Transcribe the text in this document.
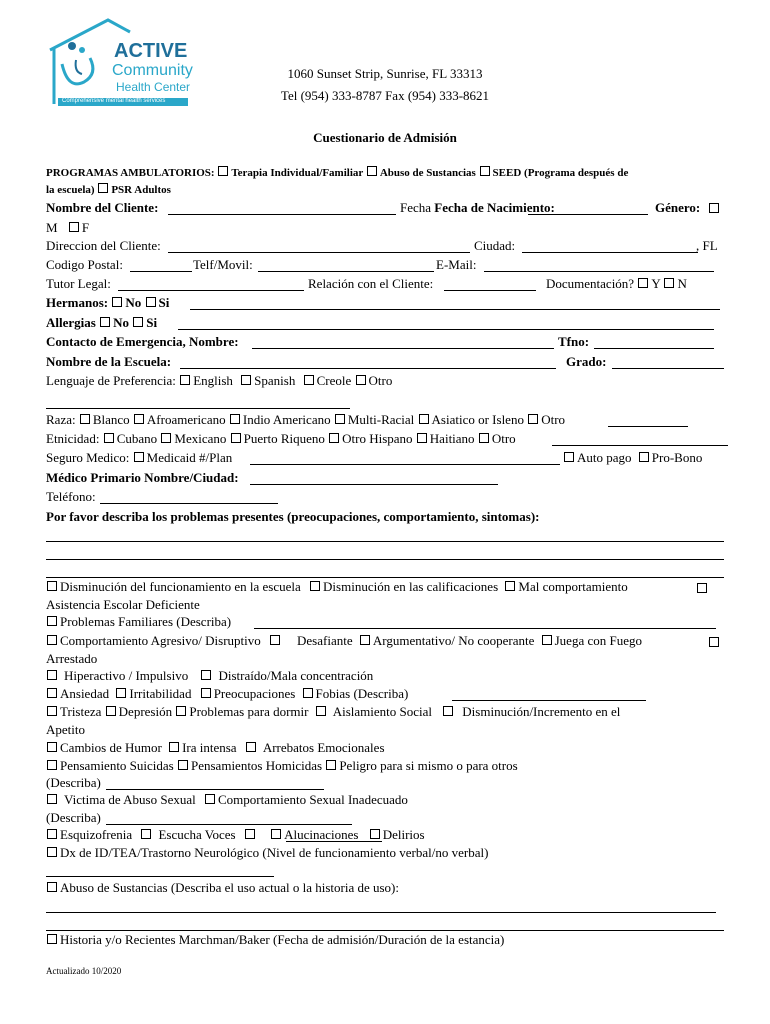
ACTIVE
Community
Health Center
Comprehensive mental health services
1060 Sunset Strip, Sunrise, FL 33313
Tel (954) 333-8787 Fax (954) 333-8621
Cuestionario de Admisión
PROGRAMAS AMBULATORIOS: Terapia Individual/Familiar Abuso de Sustancias SEED (Programa después de
la escuela) PSR Adultos
Nombre del Cliente:	Fecha Fecha de Nacimiento:	Género:
M F
Direccion del Cliente:	Ciudad:	, FL
Codigo Postal:	Telf/Movil:	E-Mail:
Tutor Legal:	Relación con el Cliente:	Documentación? Y N
Hermanos: No Si
Allergias No Si
Contacto de Emergencia, Nombre:	Tfno:
Nombre de la Escuela:	Grado:
Lenguaje de Preferencia: English Spanish Creole Otro
Raza: Blanco Afroamericano Indio Americano Multi-Racial Asiatico or Isleno Otro
Etnicidad: Cubano Mexicano Puerto Riqueno Otro Hispano Haitiano Otro
Seguro Medico: Medicaid #/Plan	Auto pago Pro-Bono
Médico Primario Nombre/Ciudad:
Teléfono:
Por favor describa los problemas presentes (preocupaciones, comportamiento, sintomas):
Disminución del funcionamiento en la escuela Disminución en las calificaciones Mal comportamiento
Asistencia Escolar Deficiente
Problemas Familiares (Describa)
Comportamiento Agresivo/ Disruptivo	Desafiante Argumentativo/ No cooperante Juega con Fuego
Arrestado
Hiperactivo / Impulsivo Distraído/Mala concentración
Ansiedad Irritabilidad Preocupaciones Fobias (Describa)
Tristeza Depresión Problemas para dormir Aislamiento Social Disminución/Incremento en el
Apetito
Cambios de Humor Ira intensa Arrebatos Emocionales
Pensamiento Suicidas Pensamientos Homicidas Peligro para si mismo o para otros
(Describa)
Victima de Abuso Sexual Comportamiento Sexual Inadecuado
(Describa)
Esquizofrenia Escucha Voces	Alucinaciones Delirios
Dx de ID/TEA/Trastorno Neurológico (Nivel de funcionamiento verbal/no verbal)
Abuso de Sustancias (Describa el uso actual o la historia de uso):
Historia y/o Recientes Marchman/Baker (Fecha de admisión/Duración de la estancia)
Actualizado 10/2020
